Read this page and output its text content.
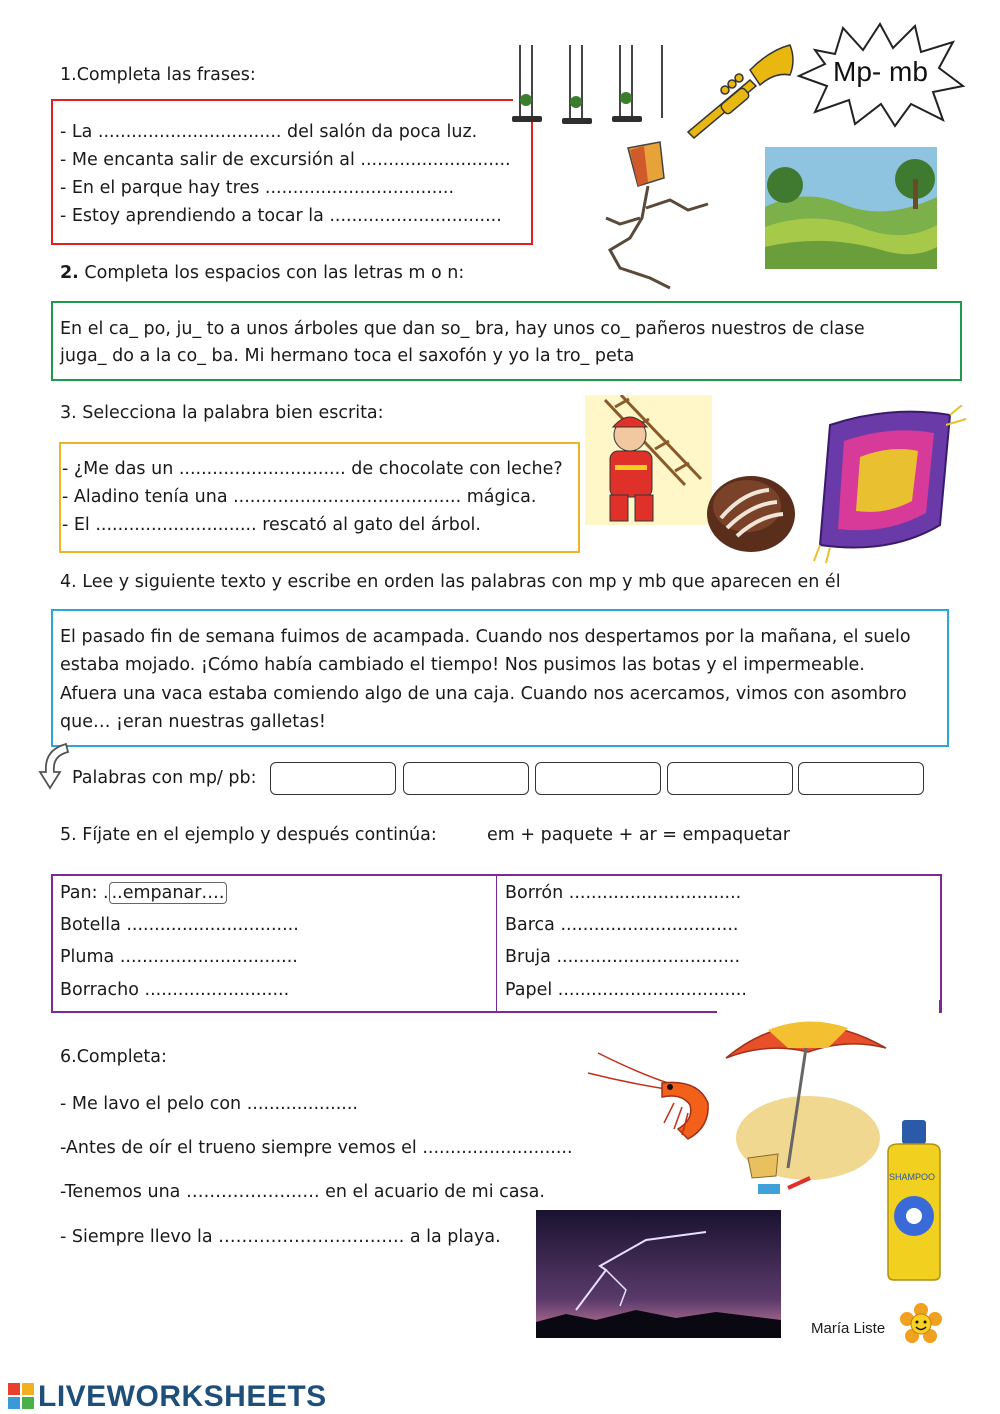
1.Completa las frases:
- La ................................. del salón da poca luz.
- Me encanta salir de excursión al ...........................
- En el parque hay tres ..................................
- Estoy aprendiendo a tocar la ...............................
Mp- mb
2. Completa los espacios con las letras m o n:
En el ca_ po, ju_ to a unos árboles que dan so_ bra, hay unos co_ pañeros nuestros de clase
juga_ do a la co_ ba. Mi hermano toca el saxofón y yo la tro_ peta
3. Selecciona la palabra bien escrita:
- ¿Me das un .............................. de chocolate con leche?
- Aladino tenía una ......................................... mágica.
- El ............................. rescató al gato del árbol.
4. Lee y siguiente texto y escribe en orden las palabras con mp y mb que aparecen en él
El pasado fin de semana fuimos de acampada. Cuando nos despertamos por la mañana, el suelo
estaba mojado. ¡Cómo había cambiado el tiempo! Nos pusimos las botas y el impermeable.
Afuera una vaca estaba comiendo algo de una caja. Cuando nos acercamos, vimos con asombro
que… ¡eran nuestras galletas!
Palabras con mp/ pb:
5. Fíjate en el ejemplo y después continúa:	em + paquete + ar = empaquetar
Pan: . ..empanar….
Botella ...............................
Pluma ................................
Borracho ..........................
Borrón ...............................
Barca ................................
Bruja .................................
Papel ..................................
6.Completa:
- Me lavo el pelo con ....................
-Antes de oír el trueno siempre vemos el ...........................
-Tenemos una ……………….…. en el acuario de mi casa.
- Siempre llevo la ……………………….…. a la playa.
SHAMPOO
María Liste
LIVEWORKSHEETS
